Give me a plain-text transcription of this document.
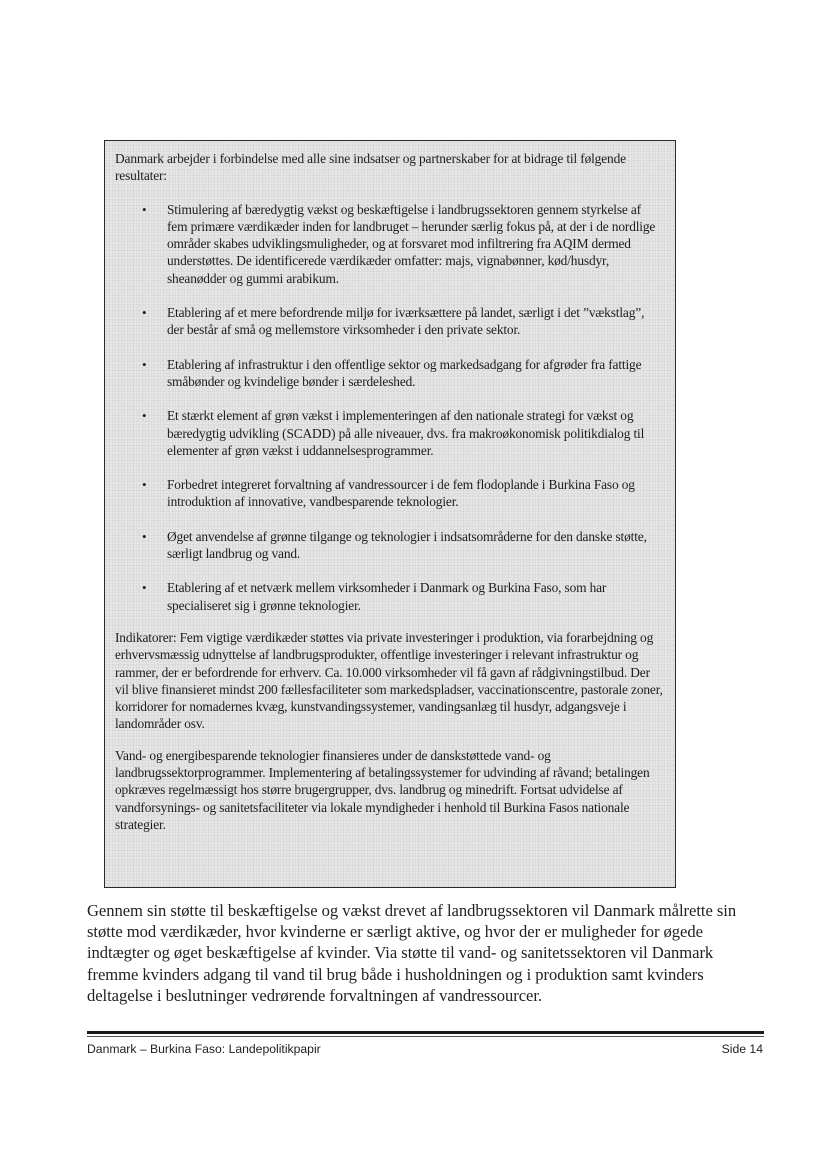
Danmark arbejder i forbindelse med alle sine indsatser og partnerskaber for at bidrage til følgende resultater:

• Stimulering af bæredygtig vækst og beskæftigelse i landbrugssektoren gennem styrkelse af fem primære værdikæder inden for landbruget – herunder særlig fokus på, at der i de nordlige områder skabes udviklingsmuligheder, og at forsvaret mod infiltrering fra AQIM dermed understøttes. De identificerede værdikæder omfatter: majs, vignabønner, kød/husdyr, sheanødder og gummi arabikum.

• Etablering af et mere befordrende miljø for iværksættere på landet, særligt i det ”vækstlag”, der består af små og mellemstore virksomheder i den private sektor.

• Etablering af infrastruktur i den offentlige sektor og markedsadgang for afgrøder fra fattige småbønder og kvindelige bønder i særdeleshed.

• Et stærkt element af grøn vækst i implementeringen af den nationale strategi for vækst og bæredygtig udvikling (SCADD) på alle niveauer, dvs. fra makroøkonomisk politikdialog til elementer af grøn vækst i uddannelsesprogrammer.

• Forbedret integreret forvaltning af vandressourcer i de fem flodoplande i Burkina Faso og introduktion af innovative, vandbesparende teknologier.

• Øget anvendelse af grønne tilgange og teknologier i indsatsområderne for den danske støtte, særligt landbrug og vand.

• Etablering af et netværk mellem virksomheder i Danmark og Burkina Faso, som har specialiseret sig i grønne teknologier.

Indikatorer: Fem vigtige værdikæder støttes via private investeringer i produktion, via forarbejdning og erhvervsmæssig udnyttelse af landbrugsprodukter, offentlige investeringer i relevant infrastruktur og rammer, der er befordrende for erhverv. Ca. 10.000 virksomheder vil få gavn af rådgivningstilbud. Der vil blive finansieret mindst 200 fællesfaciliteter som markedspladser, vaccinationscentre, pastorale zoner, korridorer for nomadernes kvæg, kunstvandingssystemer, vandingsanlæg til husdyr, adgangsveje i landområder osv.

Vand- og energibesparende teknologier finansieres under de danskstøttede vand- og landbrugssektorprogrammer. Implementering af betalingssystemer for udvinding af råvand; betalingen opkræves regelmæssigt hos større brugergrupper, dvs. landbrug og minedrift. Fortsat udvidelse af vandforsynings- og sanitetsfaciliteter via lokale myndigheder i henhold til Burkina Fasos nationale strategier.

Gennem sin støtte til beskæftigelse og vækst drevet af landbrugssektoren vil Danmark målrette sin støtte mod værdikæder, hvor kvinderne er særligt aktive, og hvor der er muligheder for øgede indtægter og øget beskæftigelse af kvinder. Via støtte til vand- og sanitetssektoren vil Danmark fremme kvinders adgang til vand til brug både i husholdningen og i produktion samt kvinders deltagelse i beslutninger vedrørende forvaltningen af vandressourcer.

Danmark – Burkina Faso: Landepolitikpapir	Side 14
